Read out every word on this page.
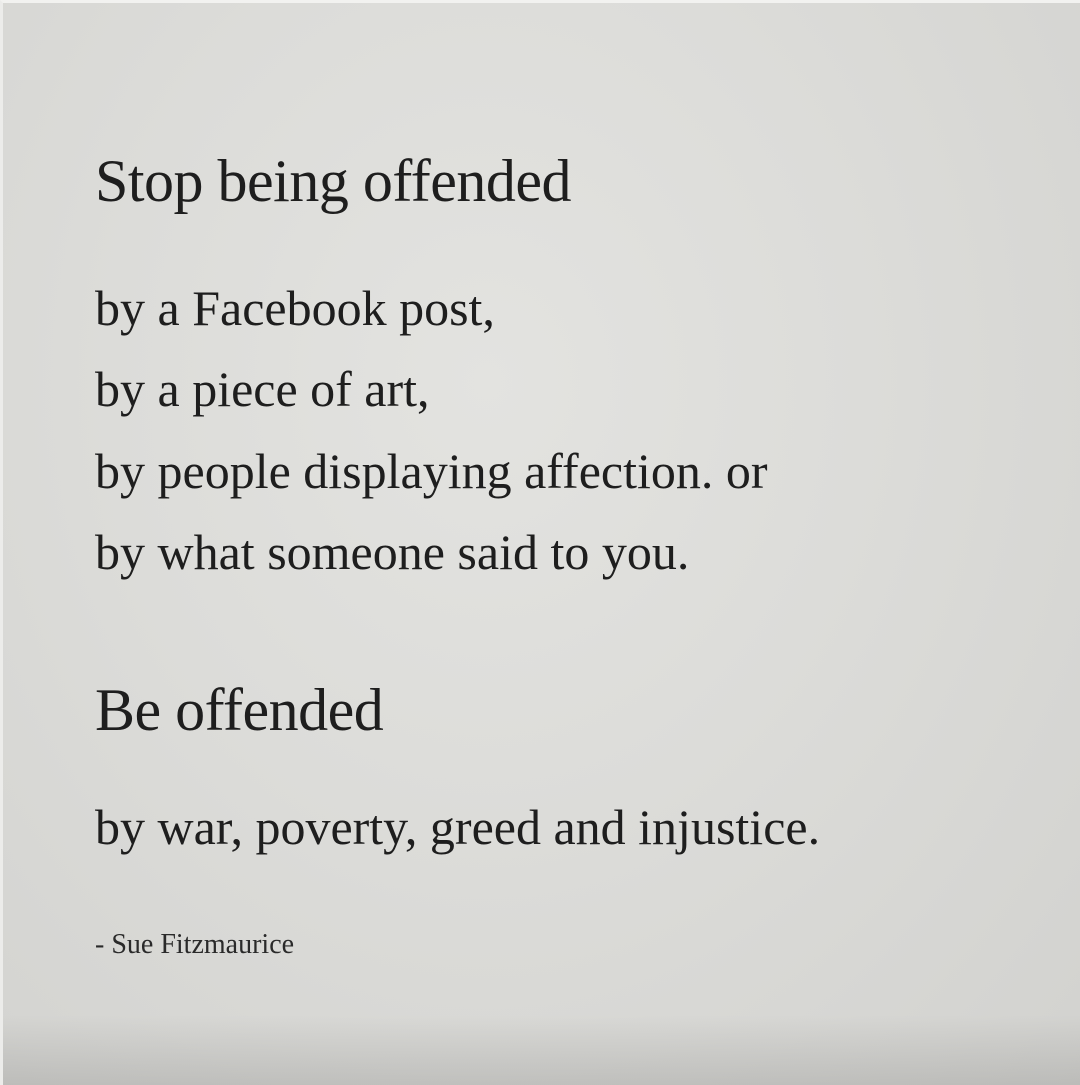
Stop being offended
by a Facebook post,
by a piece of art,
by people displaying affection. or
by what someone said to you.
Be offended
by war, poverty, greed and injustice.
- Sue Fitzmaurice
